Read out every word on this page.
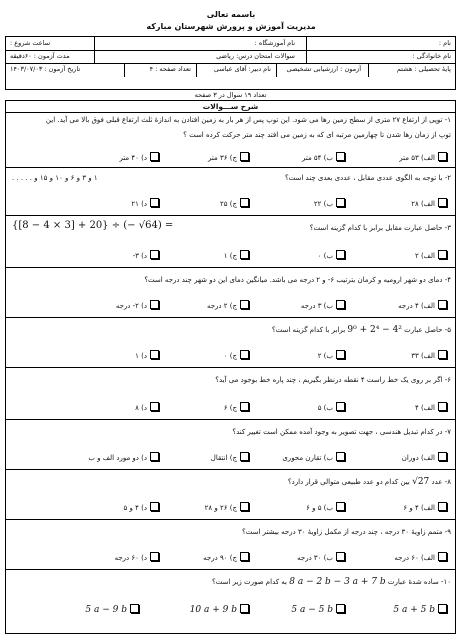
باسمه تعالی
مدیریت آموزش و پرورش شهرستان مبارکه
نام :
نام آموزشگاه :
ساعت شروع :
نام خانوادگی :
سوالات امتحان درس: ریاضی
مدت آزمون : ۶۰دقیقه
پایهٔ تحصیلی : هشتم
آزمون : ارزشیابی تشخیصی
نام دبیر: آقای عباسی
تعداد صفحه : ۴
تاریخ آزمون : ۱۴۰۳/۰۷/۰۳
تعداد ۱۹ سوال در ۳ صفحه
شرح ســـوالات
۱- توپی از ارتفاع ۲۷ متری از سطح زمین رها می شود. این توپ پس از هر بار به زمین افتادن به اندازهٔ ثلث ارتفاع قبلی فوق بالا می آید. این
توپ از زمان رها شدن تا چهارمین مرتبه ای که به زمین می افتد چند متر حرکت کرده است ؟
الف) ۵۳ متر
ب) ۵۴ متر
ج) ۳۶ متر
د) ۴۰ متر
۲- با توجه به الگوی عددی مقابل ، عددی بعدی چند است؟
۱ و ۳ و ۶ و ۱۰ و ۱۵ و . . . . .
الف) ۲۸
ب) ۲۲
ج) ۲۵
د) ۲۱
۳- حاصل عبارت مقابل برابر با کدام گزینه است؟
{[8 − 4 × 3] + 20} ÷ (− √64) =
الف) ۲
ب) ۰
ج) ۱
د) ۳-
۴- دمای دو شهر ارومیه و کرمان بترتیب ۶- و ۲ درجه می باشد. میانگین دمای این دو شهر چند درجه است؟
الف) ۴ درجه
ب) ۳ درجه
ج) ۲ درجه
د) ۲- درجه
۵- حاصل عبارت 9⁰ + 2⁴ − 4² برابر با کدام گزینه است؟
الف) ۳۳
ب) ۲
ج) ۰
د) ۱
۶- اگر بر روی یک خط راست ۴ نقطه درنظر بگیریم ، چند پاره خط بوجود می آید؟
الف) ۴
ب) ۵
ج) ۶
د) ۸
۷- در کدام تبدیل هندسی ، جهت تصویر به وجود آمده ممکن است تغییر کند؟
الف) دوران
ب) تقارن محوری
ج) انتقال
د) دو مورد الف و ب
۸- عدد √27 بین کدام دو عدد طبیعی متوالی قرار دارد؟
الف) ۴ و ۶
ب) ۵ و ۶
ج) ۲۶ و ۲۸
د) ۴ و ۵
۹- متمم زاویهٔ ۳۰ درجه ، چند درجه از مکمل زاویهٔ ۳۰ درجه بیشتر است؟
الف) ۶۰ درجه
ب) ۳۰ درجه
ج) ۹۰ درجه
د) ۶۰ درجه
۱۰- ساده شدهٔ عبارت 8 a − 2 b − 3 a + 7 b به کدام صورت زیر است؟
5 a + 5 b
5 a − 5 b
10 a + 9 b
5 a − 9 b
